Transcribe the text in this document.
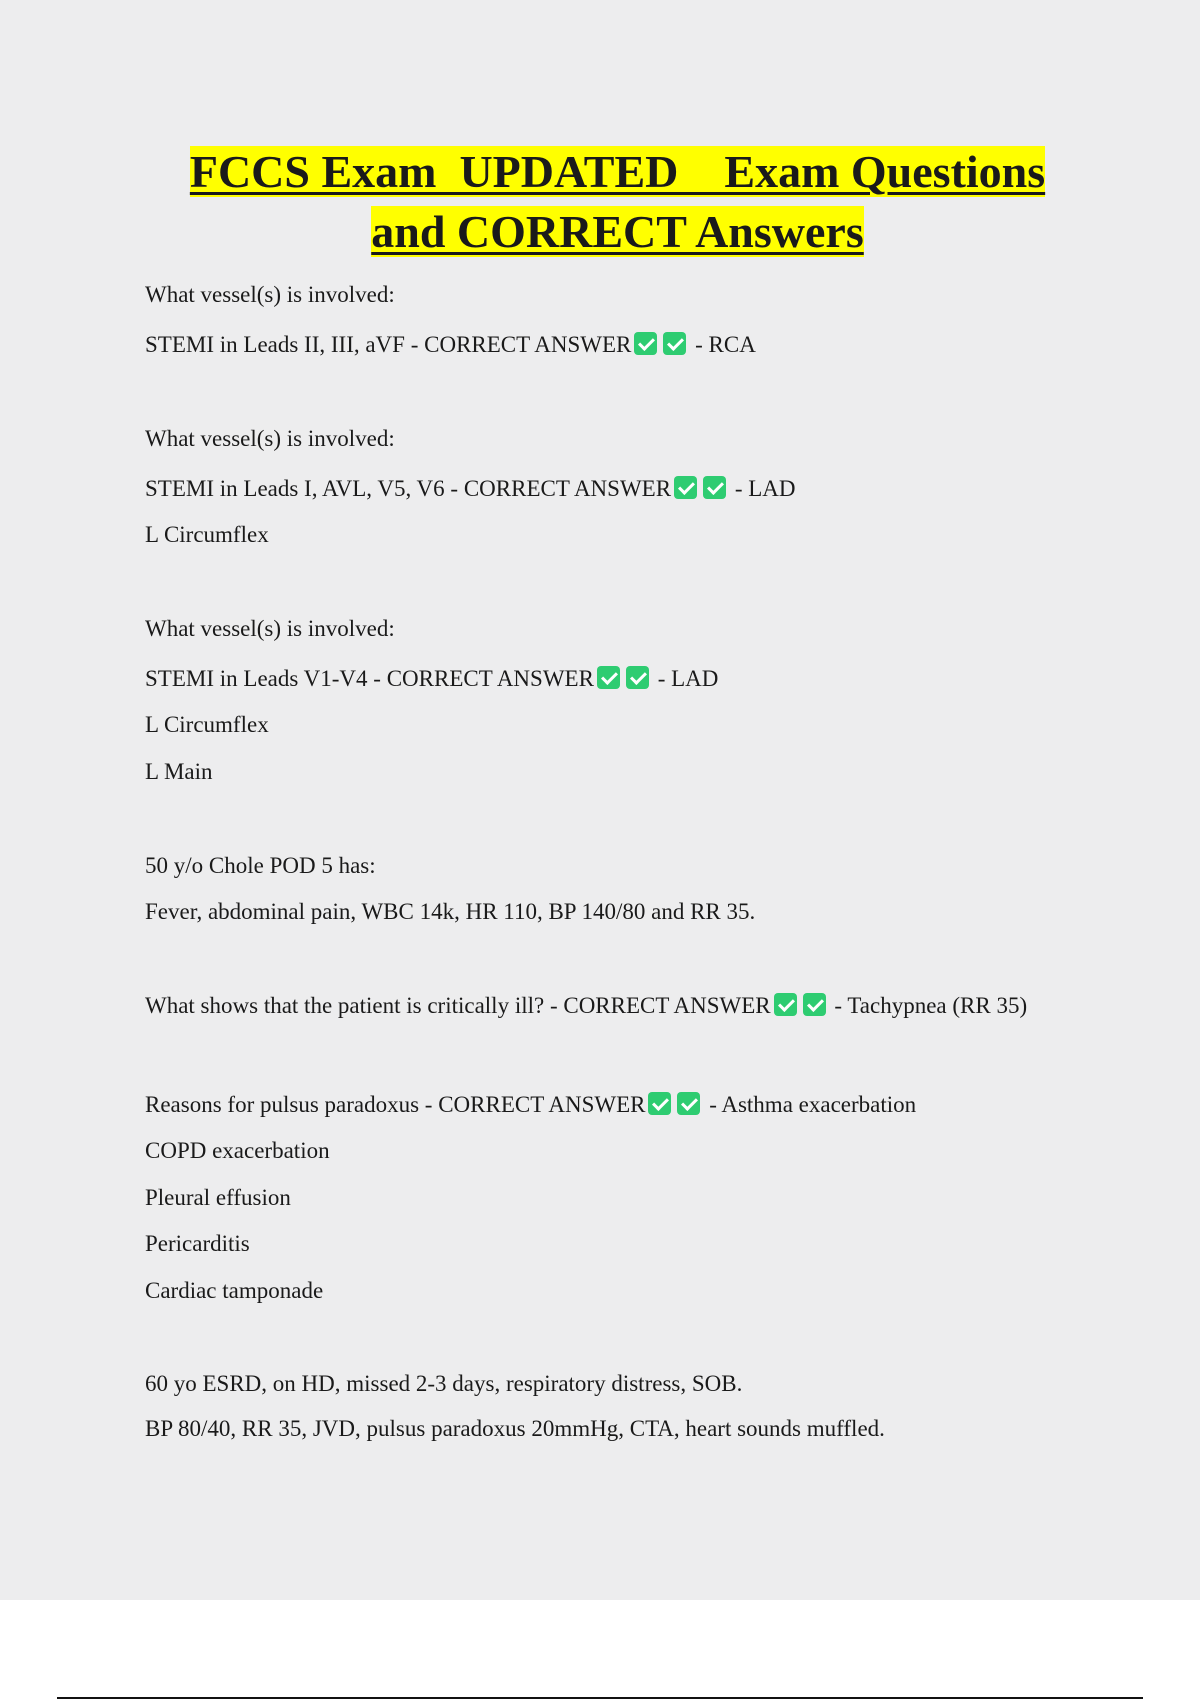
FCCS Exam  UPDATED    Exam Questions
and CORRECT Answers
What vessel(s) is involved:
STEMI in Leads II, III, aVF - CORRECT ANSWER	- RCA
What vessel(s) is involved:
STEMI in Leads I, AVL, V5, V6 - CORRECT ANSWER	- LAD
L Circumflex
What vessel(s) is involved:
STEMI in Leads V1-V4 - CORRECT ANSWER	- LAD
L Circumflex
L Main
50 y/o Chole POD 5 has:
Fever, abdominal pain, WBC 14k, HR 110, BP 140/80 and RR 35.
What shows that the patient is critically ill? - CORRECT ANSWER	- Tachypnea (RR 35)
Reasons for pulsus paradoxus - CORRECT ANSWER	- Asthma exacerbation
COPD exacerbation
Pleural effusion
Pericarditis
Cardiac tamponade
60 yo ESRD, on HD, missed 2-3 days, respiratory distress, SOB.
BP 80/40, RR 35, JVD, pulsus paradoxus 20mmHg, CTA, heart sounds muffled.
